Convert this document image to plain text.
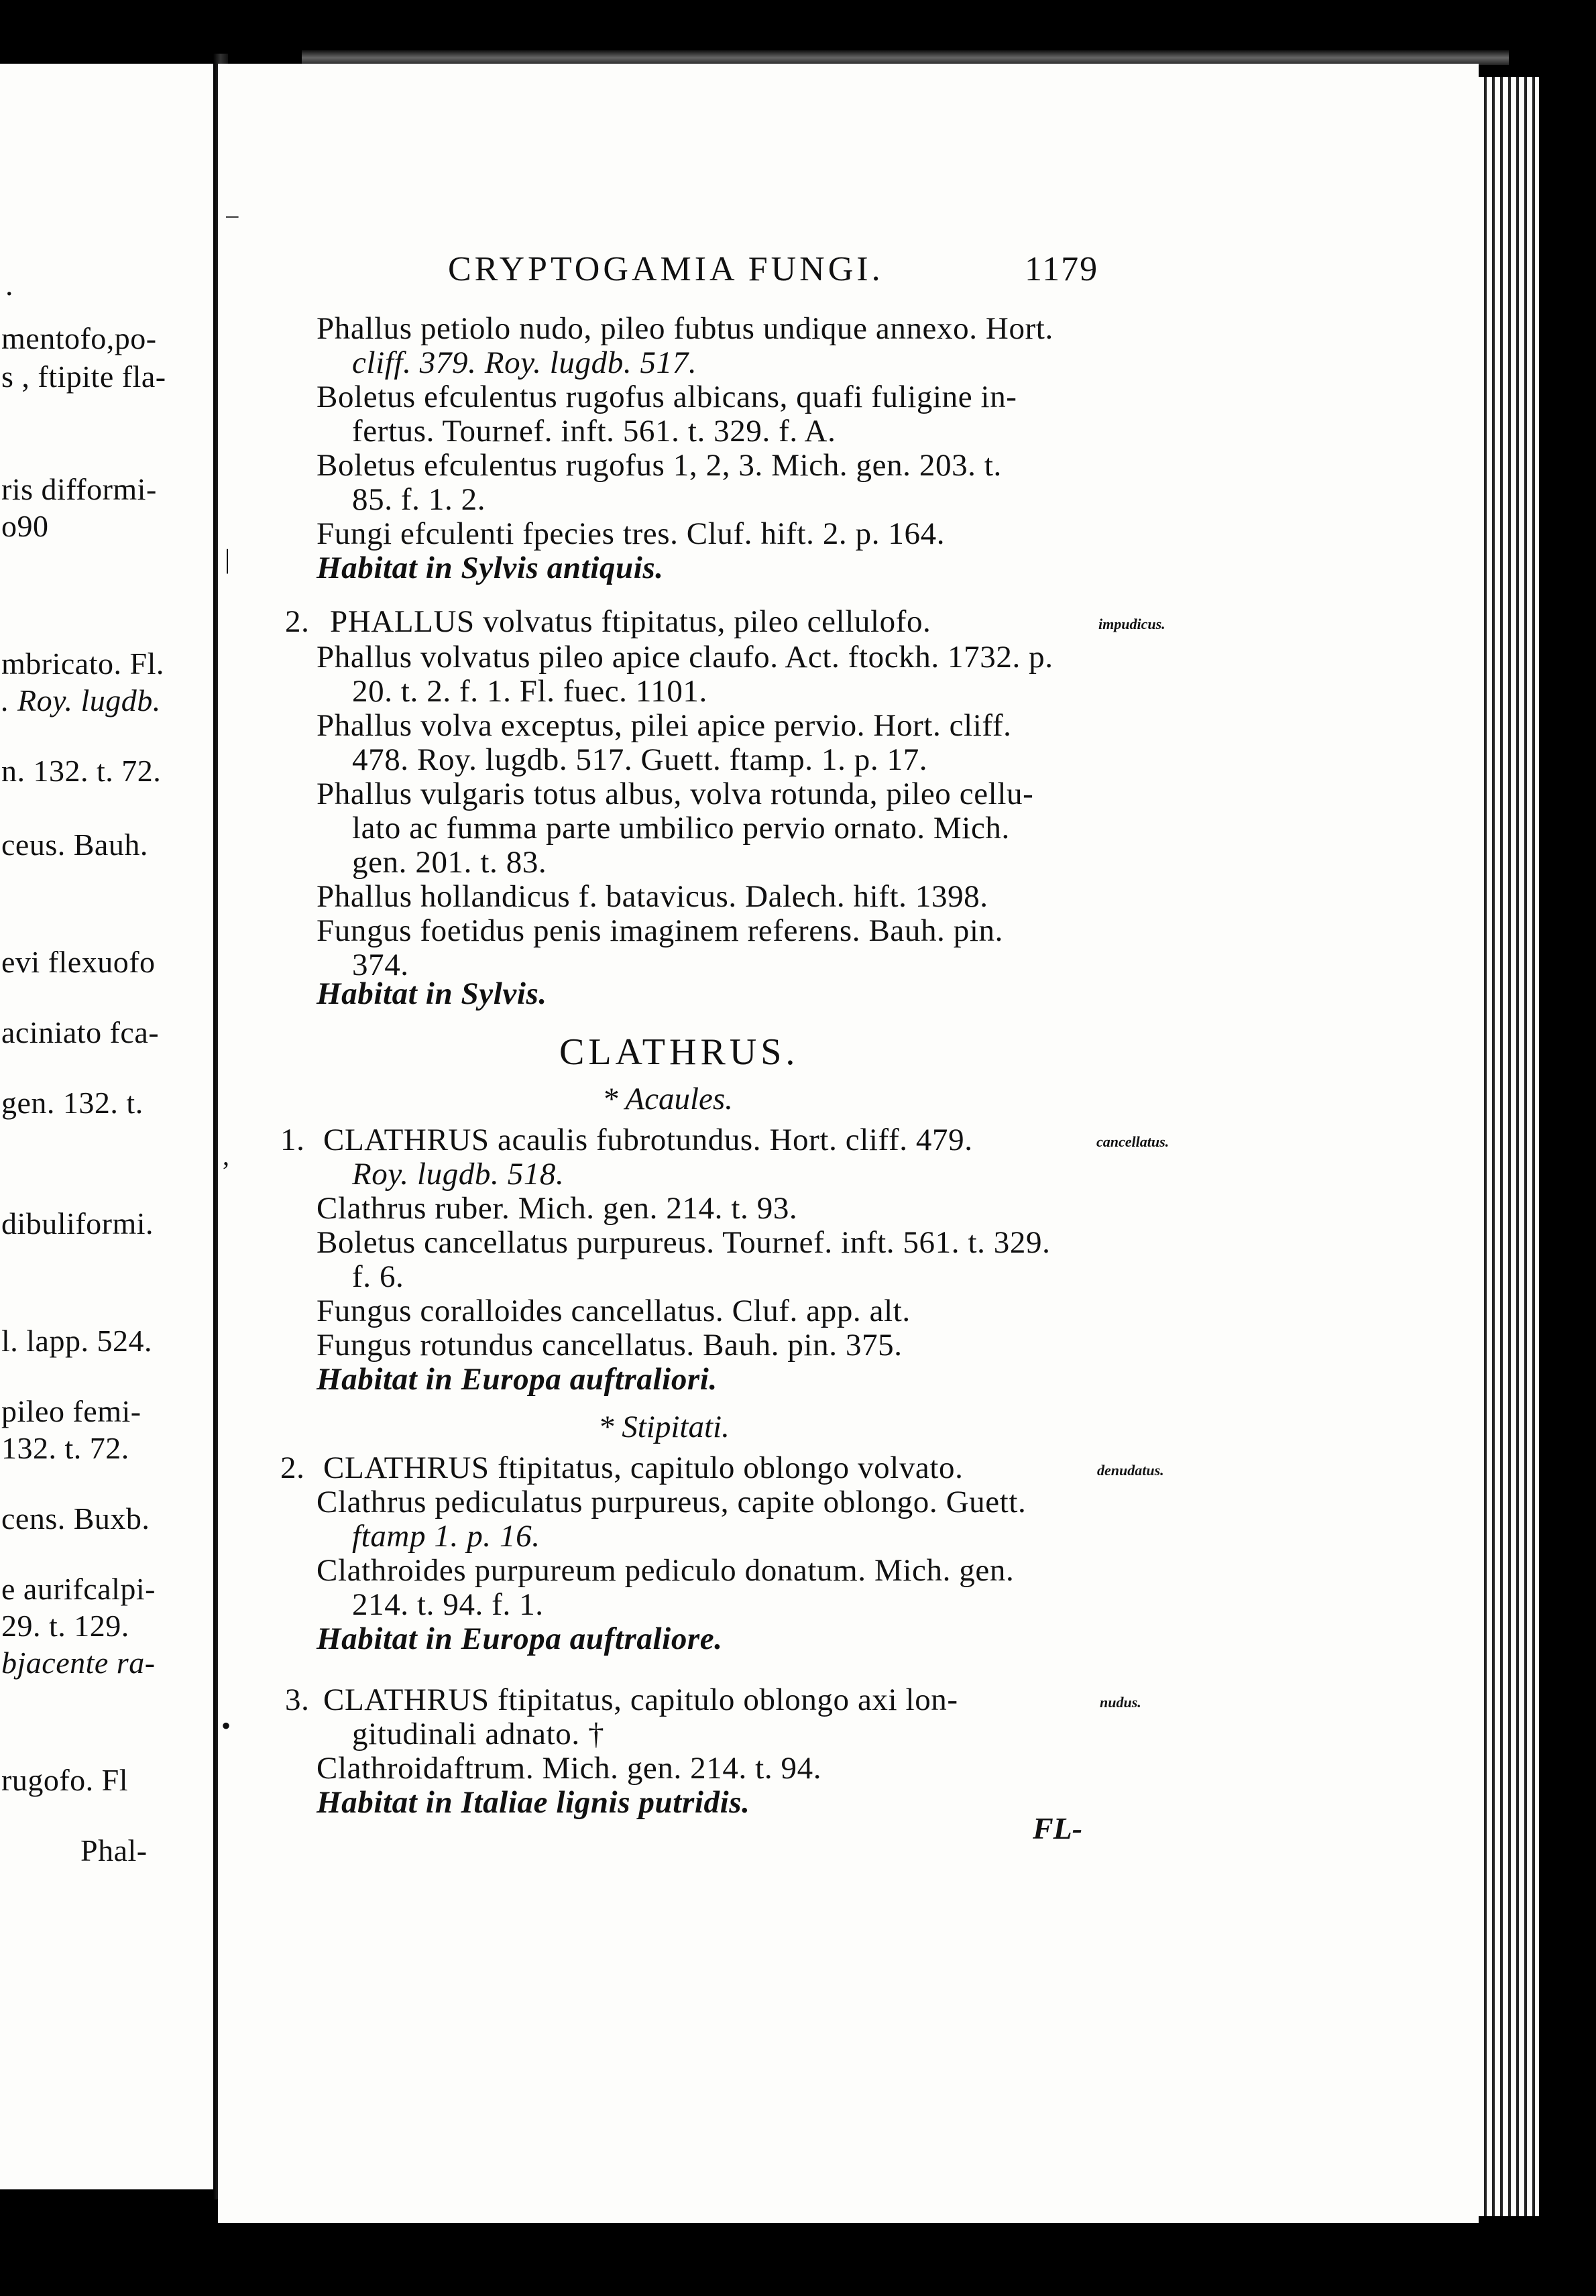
.
mentofo,po-
s , ftipite fla-
ris difformi-
o90
mbricato. Fl.
. Roy. lugdb.
n. 132. t. 72.
ceus. Bauh.
evi flexuofo
aciniato fca-
gen. 132. t.
dibuliformi.
l. lapp. 524.
pileo femi-
132. t. 72.
cens. Buxb.
e aurifcalpi-
29. t. 129.
bjacente ra-
rugofo. Fl
Phal-
−
|
‚
•
CRYPTOGAMIA FUNGI.	1179
Phallus petiolo nudo, pileo fubtus undique annexo. Hort.
cliff. 379. Roy. lugdb. 517.
Boletus efculentus rugofus albicans, quafi fuligine in-
fertus. Tournef. inft. 561. t. 329. f. A.
Boletus efculentus rugofus 1, 2, 3. Mich. gen. 203. t.
85. f. 1. 2.
Fungi efculenti fpecies tres. Cluf. hift. 2. p. 164.
Habitat in Sylvis antiquis.
2. PHALLUS volvatus ftipitatus, pileo cellulofo.	impudicus.
Phallus volvatus pileo apice claufo. Act. ftockh. 1732. p.
20. t. 2. f. 1. Fl. fuec. 1101.
Phallus volva exceptus, pilei apice pervio. Hort. cliff.
478. Roy. lugdb. 517. Guett. ftamp. 1. p. 17.
Phallus vulgaris totus albus, volva rotunda, pileo cellu-
lato ac fumma parte umbilico pervio ornato. Mich.
gen. 201. t. 83.
Phallus hollandicus f. batavicus. Dalech. hift. 1398.
Fungus foetidus penis imaginem referens. Bauh. pin.
374.
Habitat in Sylvis.
CLATHRUS.
* Acaules.
1. CLATHRUS acaulis fubrotundus. Hort. cliff. 479.	cancellatus.
Roy. lugdb. 518.
Clathrus ruber. Mich. gen. 214. t. 93.
Boletus cancellatus purpureus. Tournef. inft. 561. t. 329.
f. 6.
Fungus coralloides cancellatus. Cluf. app. alt.
Fungus rotundus cancellatus. Bauh. pin. 375.
Habitat in Europa auftraliori.
* Stipitati.
2. CLATHRUS ftipitatus, capitulo oblongo volvato.	denudatus.
Clathrus pediculatus purpureus, capite oblongo. Guett.
ftamp 1. p. 16.
Clathroides purpureum pediculo donatum. Mich. gen.
214. t. 94. f. 1.
Habitat in Europa auftraliore.
3. CLATHRUS ftipitatus, capitulo oblongo axi lon-	nudus.
gitudinali adnato. †
Clathroidaftrum. Mich. gen. 214. t. 94.
Habitat in Italiae lignis putridis.
FL-
